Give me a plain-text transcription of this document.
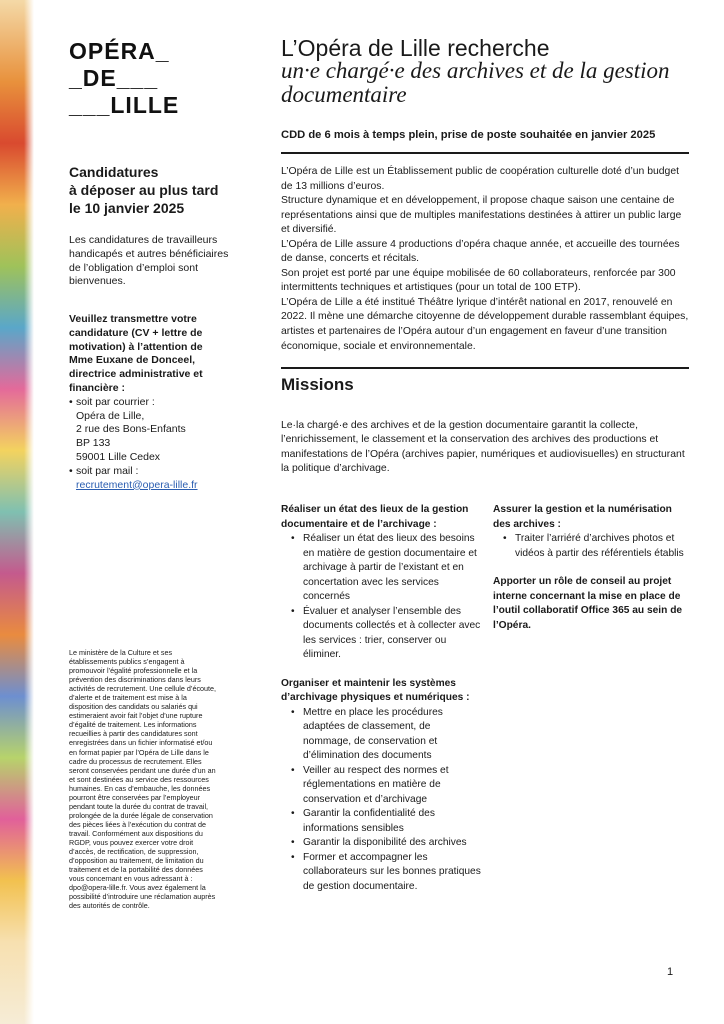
OPÉRA_
_DE___
___LILLE
Candidatures
à déposer au plus tard
le 10 janvier 2025
Les candidatures de travailleurs handicapés et autres bénéficiaires de l’obligation d’emploi sont bienvenues.
Veuillez transmettre votre candidature (CV + lettre de motivation) à l’attention de Mme Euxane de Donceel, directrice administrative et financière :
• soit par courrier :
Opéra de Lille,
2 rue des Bons-Enfants
BP 133
59001 Lille Cedex
• soit par mail :
recrutement@opera-lille.fr
Le ministère de la Culture et ses établissements publics s’engagent à promouvoir l’égalité professionnelle et la prévention des discriminations dans leurs activités de recrutement. Une cellule d’écoute, d’alerte et de traitement est mise à la disposition des candidats ou salariés qui estimeraient avoir fait l’objet d’une rupture d’égalité de traitement. Les informations recueillies à partir des candidatures sont enregistrées dans un fichier informatisé et/ou en format papier par l’Opéra de Lille dans le cadre du processus de recrutement. Elles seront conservées pendant une durée d’un an et sont destinées au service des ressources humaines. En cas d’embauche, les données pourront être conservées par l’employeur pendant toute la durée du contrat de travail, prolongée de la durée légale de conservation des pièces liées à l’exécution du contrat de travail. Conformément aux dispositions du RGDP, vous pouvez exercer votre droit d’accès, de rectification, de suppression, d’opposition au traitement, de limitation du traitement et de la portabilité des données vous concernant en vous adressant à : dpo@opera-lille.fr. Vous avez également la possibilité d’introduire une réclamation auprès des autorités de contrôle.
L’Opéra de Lille recherche
un·e chargé·e des archives et de la gestion documentaire
CDD de 6 mois à temps plein, prise de poste souhaitée en janvier 2025
L’Opéra de Lille est un Établissement public de coopération culturelle doté d’un budget de 13 millions d’euros.
Structure dynamique et en développement, il propose chaque saison une centaine de représentations ainsi que de multiples manifestations destinées à attirer un public large et diversifié.
L’Opéra de Lille assure 4 productions d’opéra chaque année, et accueille des tournées de danse, concerts et récitals.
Son projet est porté par une équipe mobilisée de 60 collaborateurs, renforcée par 300 intermittents techniques et artistiques (pour un total de 100 ETP).
L’Opéra de Lille a été institué Théâtre lyrique d’intérêt national en 2017, renouvelé en 2022. Il mène une démarche citoyenne de développement durable rassemblant équipes, artistes et partenaires de l’Opéra autour d’un engagement en faveur d’une transition économique, sociale et environnementale.
Missions
Le·la chargé·e des archives et de la gestion documentaire garantit la collecte, l’enrichissement, le classement et la conservation des archives des productions et manifestations de l’Opéra (archives papier, numériques et audiovisuelles) en structurant la politique d’archivage.
Réaliser un état des lieux de la gestion documentaire et de l’archivage :
• Réaliser un état des lieux des besoins en matière de gestion documentaire et archivage à partir de l’existant et en concertation avec les services concernés
• Évaluer et analyser l’ensemble des documents collectés et à collecter avec les services : trier, conserver ou éliminer.
Organiser et maintenir les systèmes d’archivage physiques et numériques :
• Mettre en place les procédures adaptées de classement, de nommage, de conservation et d’élimination des documents
• Veiller au respect des normes et réglementations en matière de conservation et d’archivage
• Garantir la confidentialité des informations sensibles
• Garantir la disponibilité des archives
• Former et accompagner les collaborateurs sur les bonnes pratiques de gestion documentaire.
Assurer la gestion et la numérisation des archives :
• Traiter l’arriéré d’archives photos et vidéos à partir des référentiels établis
Apporter un rôle de conseil au projet interne concernant la mise en place de l’outil collaboratif Office 365 au sein de l’Opéra.
1
